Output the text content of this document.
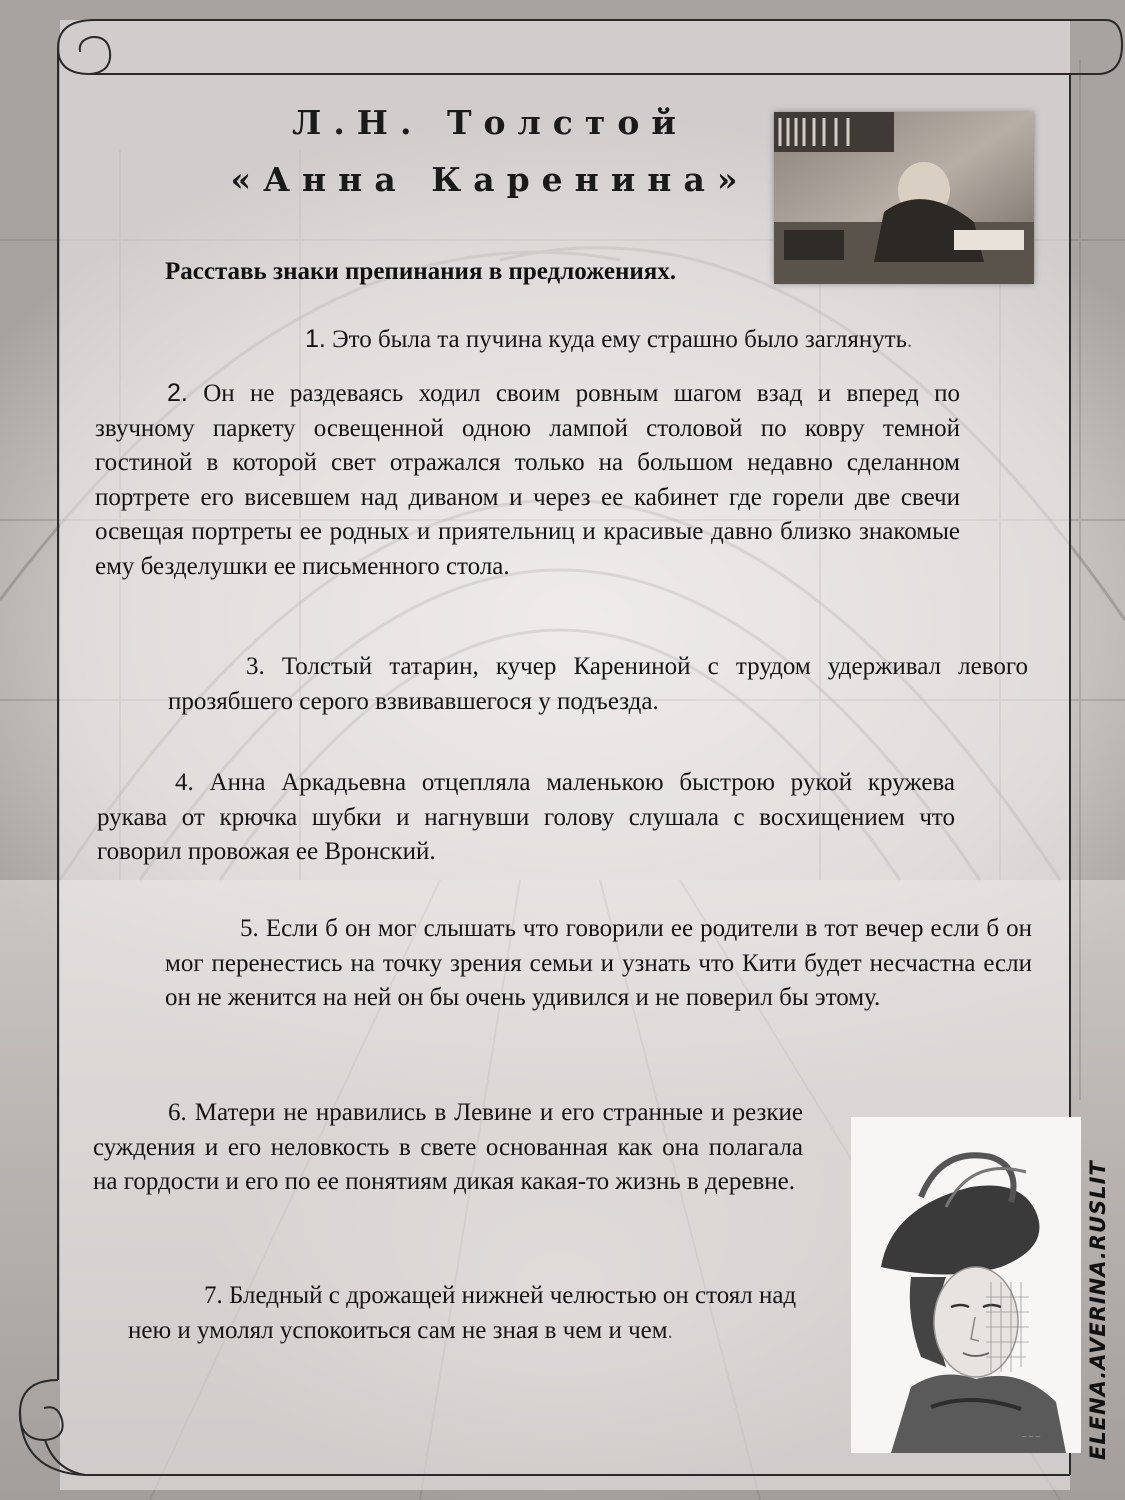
Л.Н. Толстой
«Анна Каренина»

Расставь знаки препинания в предложениях.

1. Это была та пучина куда ему страшно было заглянуть.

2. Он не раздеваясь ходил своим ровным шагом взад и вперед по звучному паркету освещенной одною лампой столовой по ковру темной гостиной в которой свет отражался только на большом недавно сделанном портрете его висевшем над диваном и через ее кабинет где горели две свечи освещая портреты ее родных и приятельниц и красивые давно близко знакомые ему безделушки ее письменного стола.

3. Толстый татарин, кучер Карениной с трудом удерживал левого прозябшего серого взвивавшегося у подъезда.

4. Анна Аркадьевна отцепляла маленькою быстрою рукой кружева рукава от крючка шубки и нагнувши голову слушала с восхищением что говорил провожая ее Вронский.

5. Если б он мог слышать что говорили ее родители в тот вечер если б он мог перенестись на точку зрения семьи и узнать что Кити будет несчастна если он не женится на ней он бы очень удивился и не поверил бы этому.

6. Матери не нравились в Левине и его странные и резкие суждения и его неловкость в свете основанная как она полагала на гордости и его по ее понятиям дикая какая-то жизнь в деревне.

7. Бледный с дрожащей нижней челюстью он стоял над нею и умолял успокоиться сам не зная в чем и чем.

~~~ ELENA.AVERINA.RUSLIT
